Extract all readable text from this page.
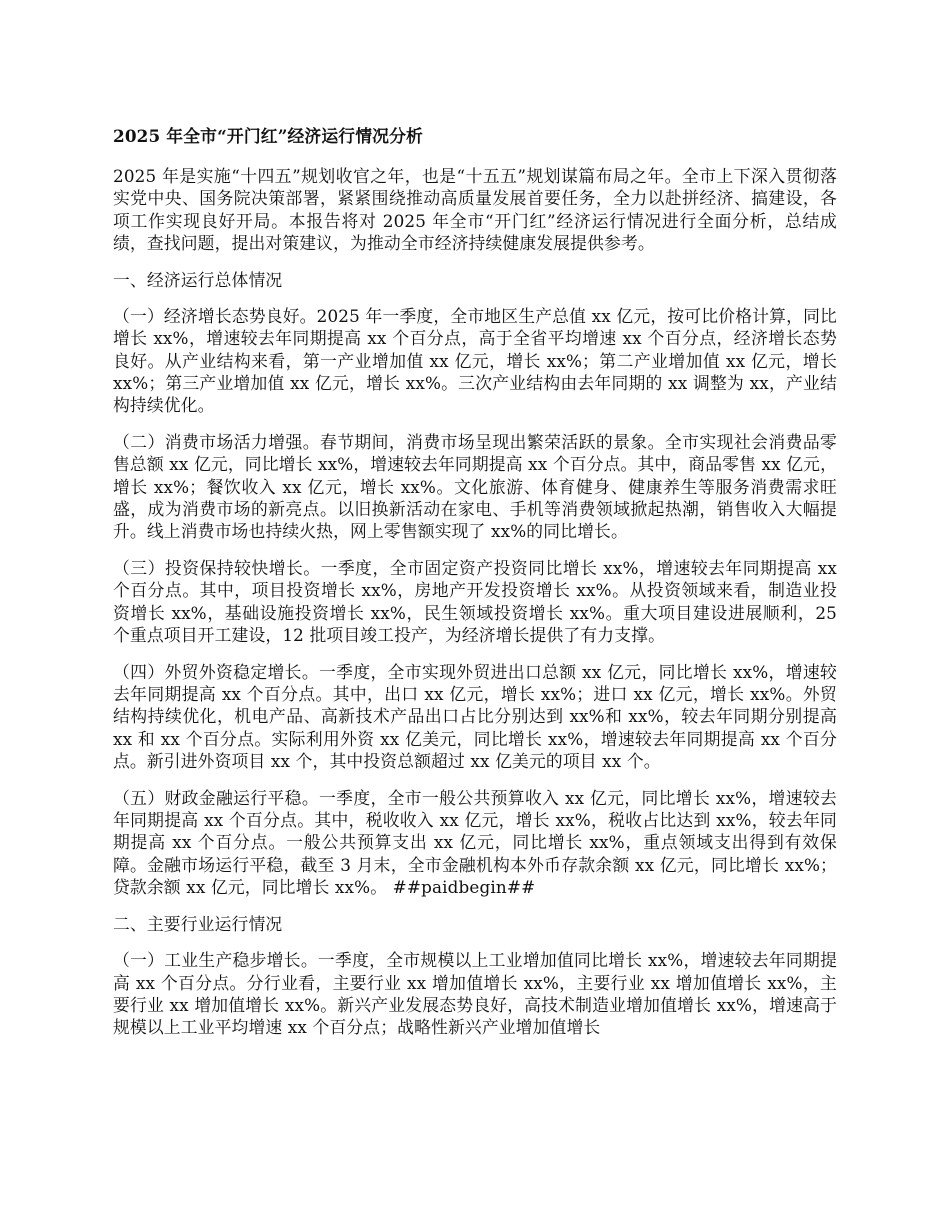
2025 年全市“开门红”经济运行情况分析

2025 年是实施“十四五”规划收官之年，也是“十五五”规划谋篇布局之年。全市上下深入贯彻落实党中央、国务院决策部署，紧紧围绕推动高质量发展首要任务，全力以赴拼经济、搞建设，各项工作实现良好开局。本报告将对 2025 年全市“开门红”经济运行情况进行全面分析，总结成绩，查找问题，提出对策建议，为推动全市经济持续健康发展提供参考。

一、经济运行总体情况

（一）经济增长态势良好。2025 年一季度，全市地区生产总值 xx 亿元，按可比价格计算，同比增长 xx%，增速较去年同期提高 xx 个百分点，高于全省平均增速 xx 个百分点，经济增长态势良好。从产业结构来看，第一产业增加值 xx 亿元，增长 xx%；第二产业增加值 xx 亿元，增长 xx%；第三产业增加值 xx 亿元，增长 xx%。三次产业结构由去年同期的 xx 调整为 xx，产业结构持续优化。

（二）消费市场活力增强。春节期间，消费市场呈现出繁荣活跃的景象。全市实现社会消费品零售总额 xx 亿元，同比增长 xx%，增速较去年同期提高 xx 个百分点。其中，商品零售 xx 亿元，增长 xx%；餐饮收入 xx 亿元，增长 xx%。文化旅游、体育健身、健康养生等服务消费需求旺盛，成为消费市场的新亮点。以旧换新活动在家电、手机等消费领域掀起热潮，销售收入大幅提升。线上消费市场也持续火热，网上零售额实现了 xx%的同比增长。

（三）投资保持较快增长。一季度，全市固定资产投资同比增长 xx%，增速较去年同期提高 xx 个百分点。其中，项目投资增长 xx%，房地产开发投资增长 xx%。从投资领域来看，制造业投资增长 xx%，基础设施投资增长 xx%，民生领域投资增长 xx%。重大项目建设进展顺利，25 个重点项目开工建设，12 批项目竣工投产，为经济增长提供了有力支撑。

（四）外贸外资稳定增长。一季度，全市实现外贸进出口总额 xx 亿元，同比增长 xx%，增速较去年同期提高 xx 个百分点。其中，出口 xx 亿元，增长 xx%；进口 xx 亿元，增长 xx%。外贸结构持续优化，机电产品、高新技术产品出口占比分别达到 xx%和 xx%，较去年同期分别提高 xx 和 xx 个百分点。实际利用外资 xx 亿美元，同比增长 xx%，增速较去年同期提高 xx 个百分点。新引进外资项目 xx 个，其中投资总额超过 xx 亿美元的项目 xx 个。

（五）财政金融运行平稳。一季度，全市一般公共预算收入 xx 亿元，同比增长 xx%，增速较去年同期提高 xx 个百分点。其中，税收收入 xx 亿元，增长 xx%，税收占比达到 xx%，较去年同期提高 xx 个百分点。一般公共预算支出 xx 亿元，同比增长 xx%，重点领域支出得到有效保障。金融市场运行平稳，截至 3 月末，全市金融机构本外币存款余额 xx 亿元，同比增长 xx%；贷款余额 xx 亿元，同比增长 xx%。 ##paidbegin##

二、主要行业运行情况

（一）工业生产稳步增长。一季度，全市规模以上工业增加值同比增长 xx%，增速较去年同期提高 xx 个百分点。分行业看，主要行业 xx 增加值增长 xx%，主要行业 xx 增加值增长 xx%，主要行业 xx 增加值增长 xx%。新兴产业发展态势良好，高技术制造业增加值增长 xx%，增速高于规模以上工业平均增速 xx 个百分点；战略性新兴产业增加值增长
